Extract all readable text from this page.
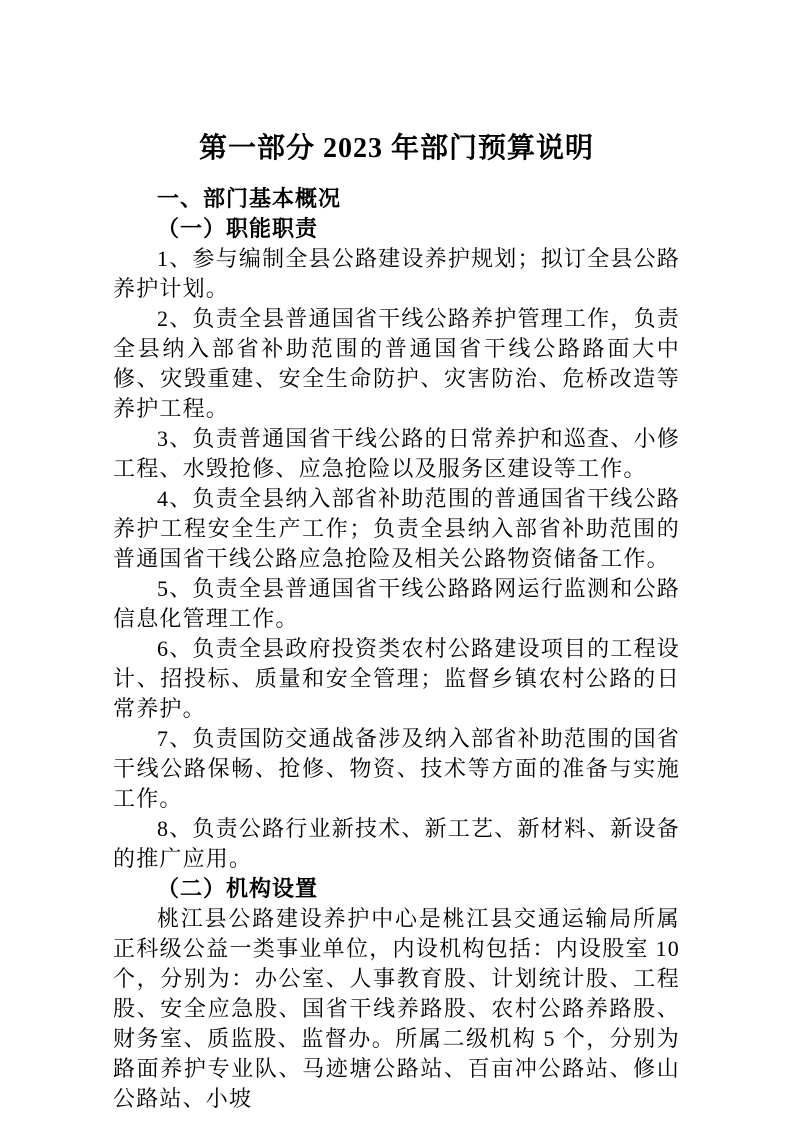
第一部分 2023 年部门预算说明
一、部门基本概况
（一）职能职责

1、参与编制全县公路建设养护规划；拟订全县公路养护计划。

2、负责全县普通国省干线公路养护管理工作，负责全县纳入部省补助范围的普通国省干线公路路面大中修、灾毁重建、安全生命防护、灾害防治、危桥改造等养护工程。

3、负责普通国省干线公路的日常养护和巡查、小修工程、水毁抢修、应急抢险以及服务区建设等工作。

4、负责全县纳入部省补助范围的普通国省干线公路养护工程安全生产工作；负责全县纳入部省补助范围的普通国省干线公路应急抢险及相关公路物资储备工作。

5、负责全县普通国省干线公路路网运行监测和公路信息化管理工作。

6、负责全县政府投资类农村公路建设项目的工程设计、招投标、质量和安全管理；监督乡镇农村公路的日常养护。

7、负责国防交通战备涉及纳入部省补助范围的国省干线公路保畅、抢修、物资、技术等方面的准备与实施工作。

8、负责公路行业新技术、新工艺、新材料、新设备的推广应用。

（二）机构设置

桃江县公路建设养护中心是桃江县交通运输局所属正科级公益一类事业单位，内设机构包括：内设股室 10 个，分别为：办公室、人事教育股、计划统计股、工程股、安全应急股、国省干线养路股、农村公路养路股、财务室、质监股、监督办。所属二级机构 5 个，分别为路面养护专业队、马迹塘公路站、百亩冲公路站、修山公路站、小坡
